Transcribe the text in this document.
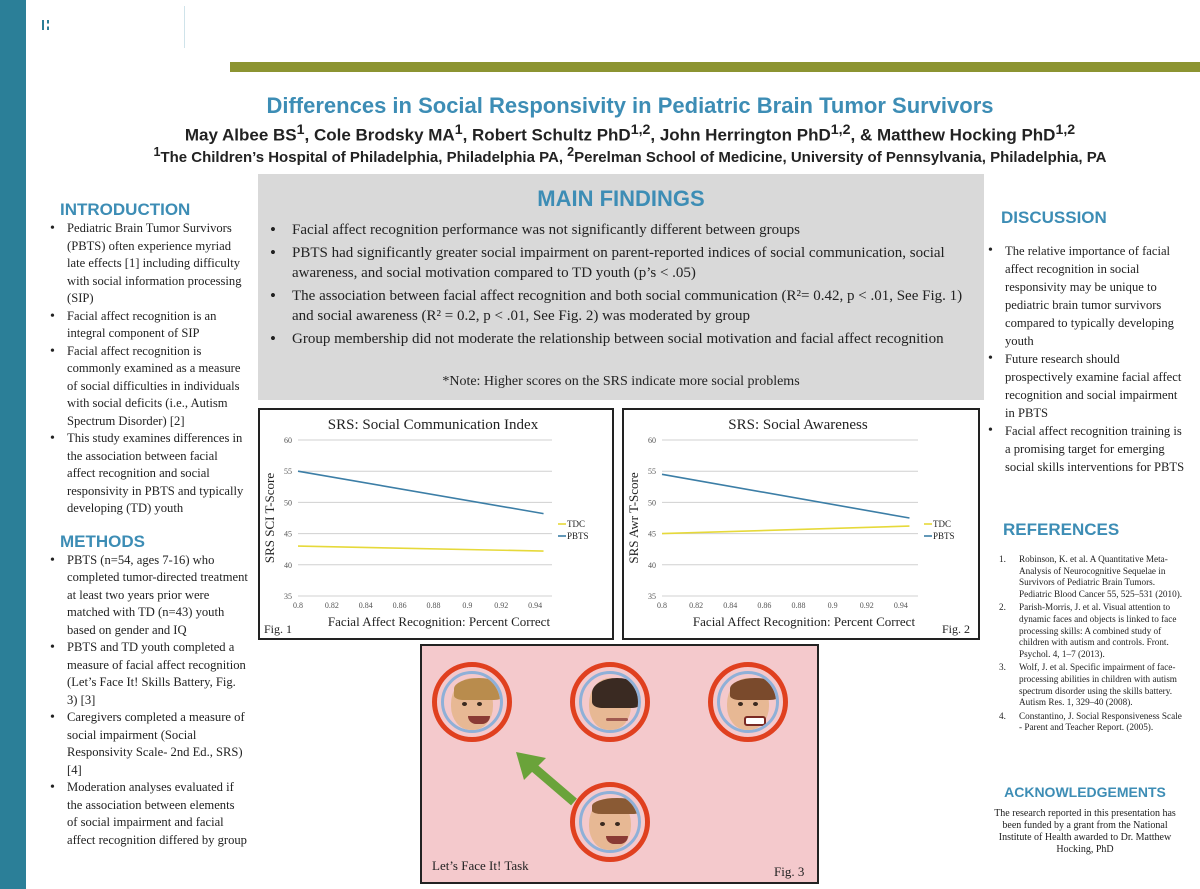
Children's Hospital
of Philadelphia
RESEARCH INSTITUTE
Penn
Medicine
Differences in Social Responsivity in Pediatric Brain Tumor Survivors
May Albee $BS^1$, Cole Brodsky $MA^1$, Robert Schultz PhD$^{1,2}$, John Herrington PhD$^{1,2}$, & Matthew Hocking PhD$^{1,2}$
$^1$The Children’s Hospital of Philadelphia, Philadelphia PA, $^2$Perelman School of Medicine, University of Pennsylvania, Philadelphia, PA
INTRODUCTION
• Pediatric Brain Tumor Survivors (PBTS) often experience myriad late effects [1] including difficulty with social information processing (SIP)
• Facial affect recognition is an integral component of SIP
• Facial affect recognition is commonly examined as a measure of social difficulties in individuals with social deficits (i.e., Autism Spectrum Disorder) [2]
• This study examines differences in the association between facial affect recognition and social responsivity in PBTS and typically developing (TD) youth
METHODS
• PBTS (n=54, ages 7-16) who completed tumor-directed treatment at least two years prior were matched with TD (n=43) youth based on gender and IQ
• PBTS and TD youth completed a measure of facial affect recognition (Let’s Face It! Skills Battery, Fig. 3) [3]
• Caregivers completed a measure of social impairment (Social Responsivity Scale- 2nd Ed., SRS) [4]
• Moderation analyses evaluated if the association between elements of social impairment and facial affect recognition differed by group
MAIN FINDINGS
• Facial affect recognition performance was not significantly different between groups
• PBTS had significantly greater social impairment on parent-reported indices of social communication, social awareness, and social motivation compared to TD youth (p’s < .05)
• The association between facial affect recognition and both social communication (R²= 0.42, p < .01, See Fig. 1) and social awareness (R² = 0.2, p < .01, See Fig. 2) was moderated by group
• Group membership did not moderate the relationship between social motivation and facial affect recognition
*Note: Higher scores on the SRS indicate more social problems
SRS: Social Communication Index
35
40
45
50
55
60
0.8	0.82 0.84 0.86 0.88	0.9	0.92 0.94
Facial Affect Recognition: Percent Correct
SRS SCI T-Score	TDC
PBTS
Fig. 1
SRS: Social Awareness
35
40
45
50
55
60
0.8	0.82	0.84	0.86	0.88	0.9	0.92	0.94
Facial Affect Recognition: Percent Correct
SRS Awr T-Score	TDC
PBTS
Fig. 2
Let’s Face It! Task	Fig. 3
DISCUSSION
• The relative importance of facial affect recognition in social responsivity may be unique to pediatric brain tumor survivors compared to typically developing youth
• Future research should prospectively examine facial affect recognition and social impairment in PBTS
• Facial affect recognition training is a promising target for emerging social skills interventions for PBTS
REFERENCES
1. Robinson, K. et al. A Quantitative Meta-Analysis of Neurocognitive Sequelae in Survivors of Pediatric Brain Tumors. Pediatric Blood Cancer 55, 525–531 (2010).
2. Parish-Morris, J. et al. Visual attention to dynamic faces and objects is linked to face processing skills: A combined study of children with autism and controls. Front. Psychol. 4, 1–7 (2013).
3. Wolf, J. et al. Specific impairment of face-processing abilities in children with autism spectrum disorder using the skills battery. Autism Res. 1, 329–40 (2008).
4. Constantino, J. Social Responsiveness Scale - Parent and Teacher Report. (2005).
ACKNOWLEDGEMENTS
The research reported in this presentation has been funded by a grant from the National Institute of Health awarded to Dr. Matthew Hocking, PhD
